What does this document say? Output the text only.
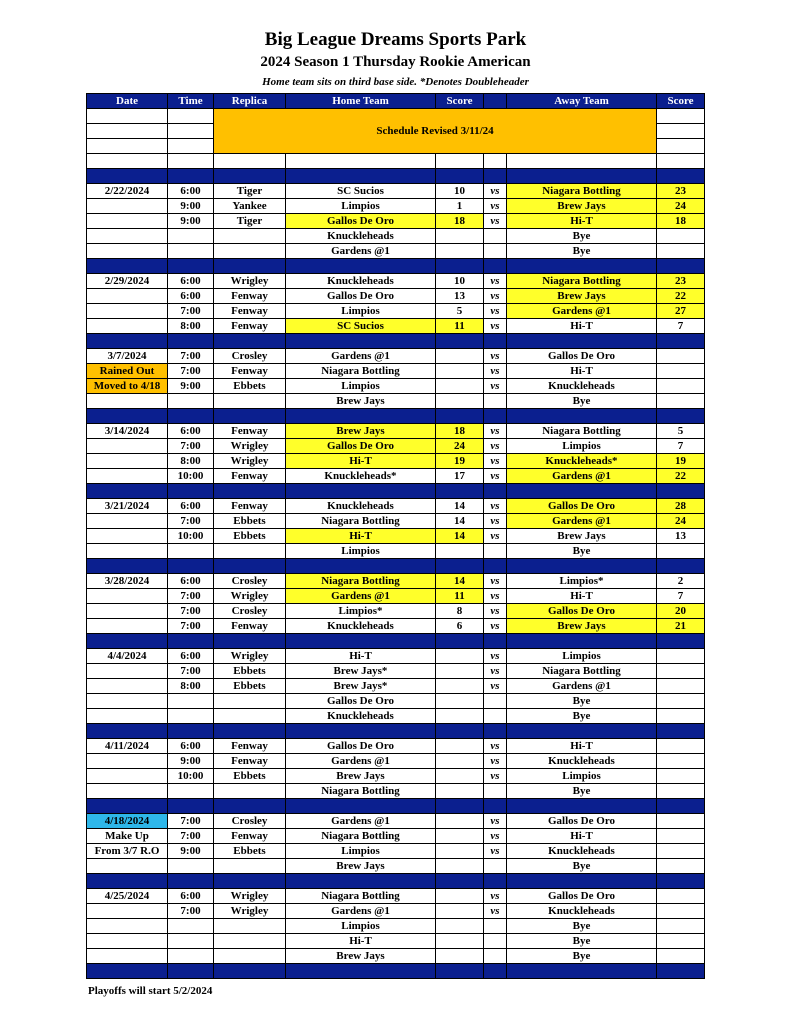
Big League Dreams Sports Park
2024 Season 1 Thursday Rookie American
Home team sits on third base side. *Denotes Doubleheader
Date	Time	Replica	Home Team	Score		Away Team	Score
		Schedule Revised 3/11/24					

2/22/2024	6:00	Tiger	SC Sucios	10	vs	Niagara Bottling	23
	9:00	Yankee	Limpios	1	vs	Brew Jays	24
	9:00	Tiger	Gallos De Oro	18	vs	Hi-T	18
			Knuckleheads			Bye	
			Gardens @1			Bye	

2/29/2024	6:00	Wrigley	Knuckleheads	10	vs	Niagara Bottling	23
	6:00	Fenway	Gallos De Oro	13	vs	Brew Jays	22
	7:00	Fenway	Limpios	5	vs	Gardens @1	27
	8:00	Fenway	SC Sucios	11	vs	Hi-T	7

3/7/2024	7:00	Crosley	Gardens @1		vs	Gallos De Oro	
Rained Out	7:00	Fenway	Niagara Bottling		vs	Hi-T	
Moved to 4/18	9:00	Ebbets	Limpios		vs	Knuckleheads	
			Brew Jays			Bye	

3/14/2024	6:00	Fenway	Brew Jays	18	vs	Niagara Bottling	5
	7:00	Wrigley	Gallos De Oro	24	vs	Limpios	7
	8:00	Wrigley	Hi-T	19	vs	Knuckleheads*	19
	10:00	Fenway	Knuckleheads*	17	vs	Gardens @1	22

3/21/2024	6:00	Fenway	Knuckleheads	14	vs	Gallos De Oro	28
	7:00	Ebbets	Niagara Bottling	14	vs	Gardens @1	24
	10:00	Ebbets	Hi-T	14	vs	Brew Jays	13
			Limpios			Bye	

3/28/2024	6:00	Crosley	Niagara Bottling	14	vs	Limpios*	2
	7:00	Wrigley	Gardens @1	11	vs	Hi-T	7
	7:00	Crosley	Limpios*	8	vs	Gallos De Oro	20
	7:00	Fenway	Knuckleheads	6	vs	Brew Jays	21

4/4/2024	6:00	Wrigley	Hi-T		vs	Limpios	
	7:00	Ebbets	Brew Jays*		vs	Niagara Bottling	
	8:00	Ebbets	Brew Jays*		vs	Gardens @1	
			Gallos De Oro			Bye	
			Knuckleheads			Bye	

4/11/2024	6:00	Fenway	Gallos De Oro		vs	Hi-T	
	9:00	Fenway	Gardens @1		vs	Knuckleheads	
	10:00	Ebbets	Brew Jays		vs	Limpios	
			Niagara Bottling			Bye	

4/18/2024	7:00	Crosley	Gardens @1		vs	Gallos De Oro	
Make Up	7:00	Fenway	Niagara Bottling		vs	Hi-T	
From 3/7 R.O	9:00	Ebbets	Limpios		vs	Knuckleheads	
			Brew Jays			Bye	

4/25/2024	6:00	Wrigley	Niagara Bottling		vs	Gallos De Oro	
	7:00	Wrigley	Gardens @1		vs	Knuckleheads	
			Limpios			Bye	
			Hi-T			Bye	
			Brew Jays			Bye	

Playoffs will start 5/2/2024
